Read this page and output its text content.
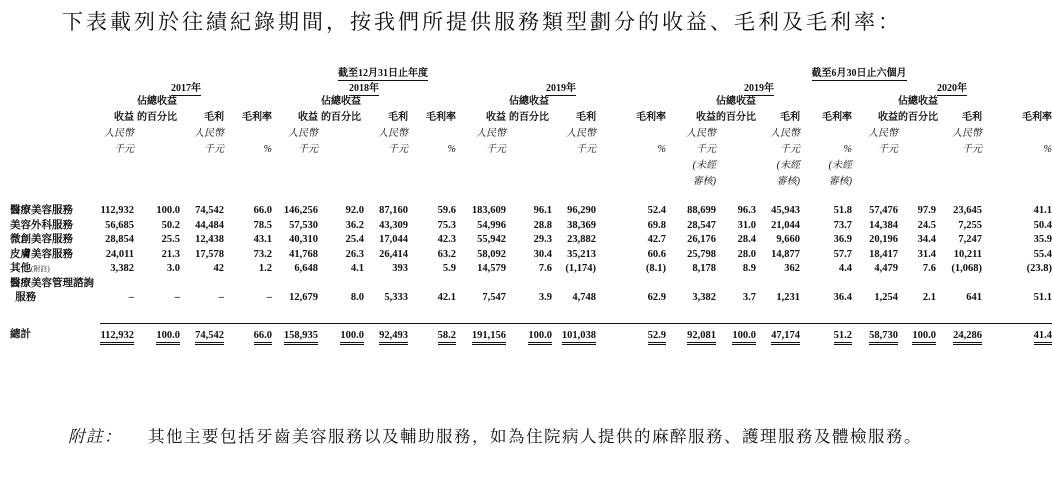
下表載列於往績紀錄期間，按我們所提供服務類型劃分的收益、毛利及毛利率：
	截至12月31日止年度												截至6月30日止六個月							
	2017年				2018年				2019年				2019年				2020年			
		佔總收益				佔總收益				佔總收益				佔總收益				佔總收益		
	收益	的百分比	毛利	毛利率	收益	的百分比	毛利	毛利率	收益	的百分比	毛利	毛利率	收益	的百分比	毛利	毛利率	收益	的百分比	毛利	毛利率
	人民幣		人民幣		人民幣		人民幣		人民幣		人民幣		人民幣		人民幣		人民幣		人民幣	
	千元		千元	%	千元		千元	%	千元		千元	%	千元		千元	%	千元		千元	%
													(未經		(未經	(未經				
													審核)		審核)	審核)				

醫療美容服務	112,932	100.0	74,542	66.0	146,256	92.0	87,160	59.6	183,609	96.1	96,290	52.4	88,699	96.3	45,943	51.8	57,476	97.9	23,645	41.1
美容外科服務	56,685	50.2	44,484	78.5	57,530	36.2	43,309	75.3	54,996	28.8	38,369	69.8	28,547	31.0	21,044	73.7	14,384	24.5	7,255	50.4
微創美容服務	28,854	25.5	12,438	43.1	40,310	25.4	17,044	42.3	55,942	29.3	23,882	42.7	26,176	28.4	9,660	36.9	20,196	34.4	7,247	35.9
皮膚美容服務	24,011	21.3	17,578	73.2	41,768	26.3	26,414	63.2	58,092	30.4	35,213	60.6	25,798	28.0	14,877	57.7	18,417	31.4	10,211	55.4
其他$^{(附註)}$	3,382	3.0	42	1.2	6,648	4.1	393	5.9	14,579	7.6	(1,174)	(8.1)	8,178	8.9	362	4.4	4,479	7.6	(1,068)	(23.8)
醫療美容管理諮詢																				
服務	–	–	–	–	12,679	8.0	5,333	42.1	7,547	3.9	4,748	62.9	3,382	3.7	1,231	36.4	1,254	2.1	641	51.1

總計	112,932	100.0	74,542	66.0	158,935	100.0	92,493	58.2	191,156	100.0	101,038	52.9	92,081	100.0	47,174	51.2	58,730	100.0	24,286	41.4
附註： 其他主要包括牙齒美容服務以及輔助服務，如為住院病人提供的麻醉服務、護理服務及體檢服務。
